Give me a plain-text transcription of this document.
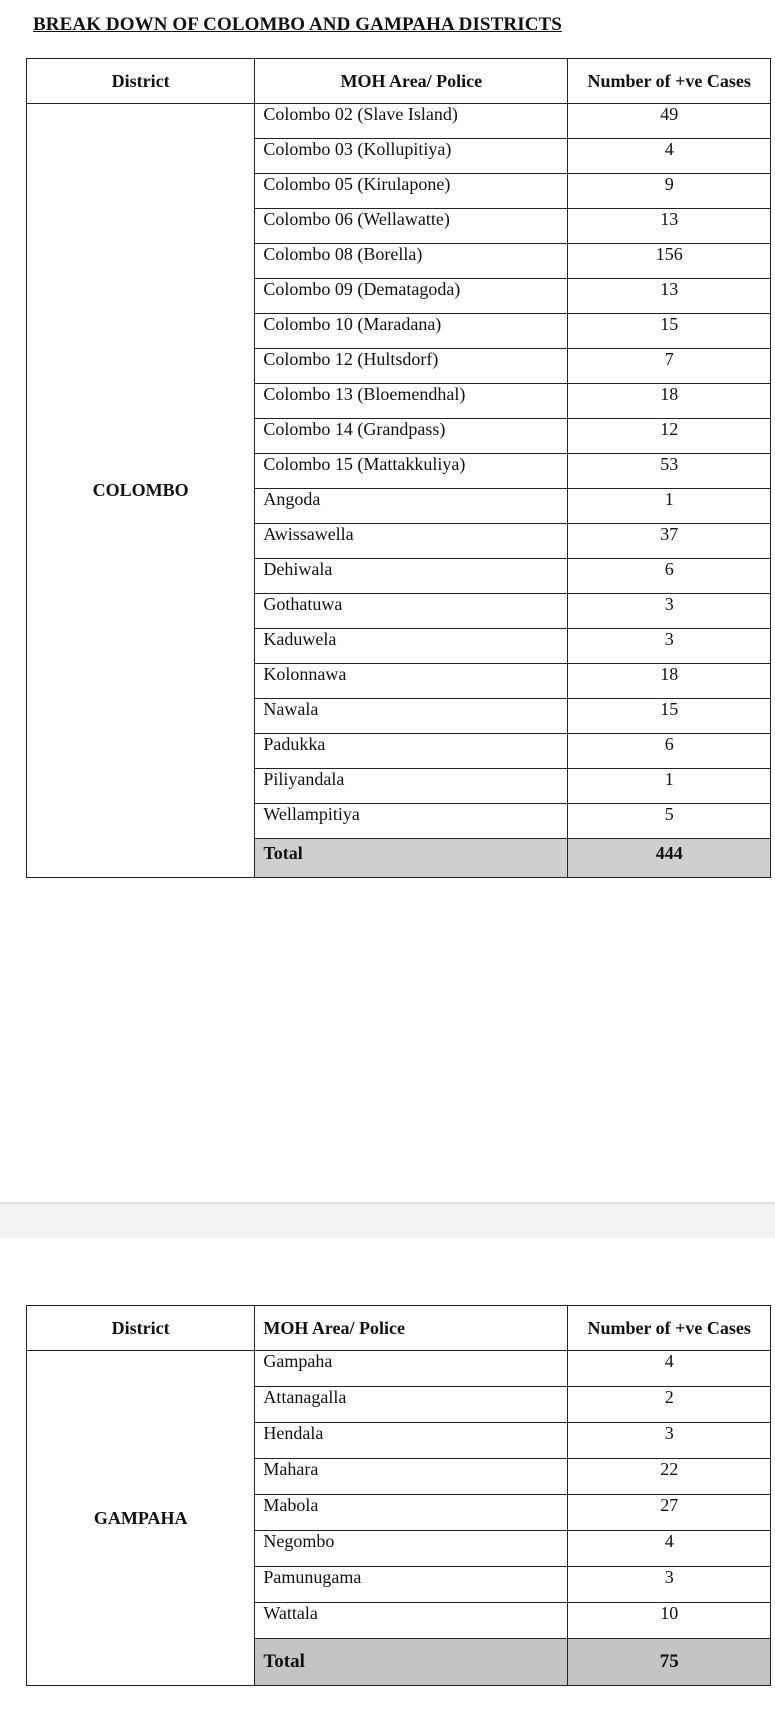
BREAK DOWN OF COLOMBO AND GAMPAHA DISTRICTS
District	MOH Area/ Police	Number of +ve Cases
COLOMBO	Colombo 02 (Slave Island)	49
	Colombo 03 (Kollupitiya)	4
	Colombo 05 (Kirulapone)	9
	Colombo 06 (Wellawatte)	13
	Colombo 08 (Borella)	156
	Colombo 09 (Dematagoda)	13
	Colombo 10 (Maradana)	15
	Colombo 12 (Hultsdorf)	7
	Colombo 13 (Bloemendhal)	18
	Colombo 14 (Grandpass)	12
	Colombo 15 (Mattakkuliya)	53
	Angoda	1
	Awissawella	37
	Dehiwala	6
	Gothatuwa	3
	Kaduwela	3
	Kolonnawa	18
	Nawala	15
	Padukka	6
	Piliyandala	1
	Wellampitiya	5
	Total	444
District	MOH Area/ Police	Number of +ve Cases
GAMPAHA	Gampaha	4
	Attanagalla	2
	Hendala	3
	Mahara	22
	Mabola	27
	Negombo	4
	Pamunugama	3
	Wattala	10
	Total	75
